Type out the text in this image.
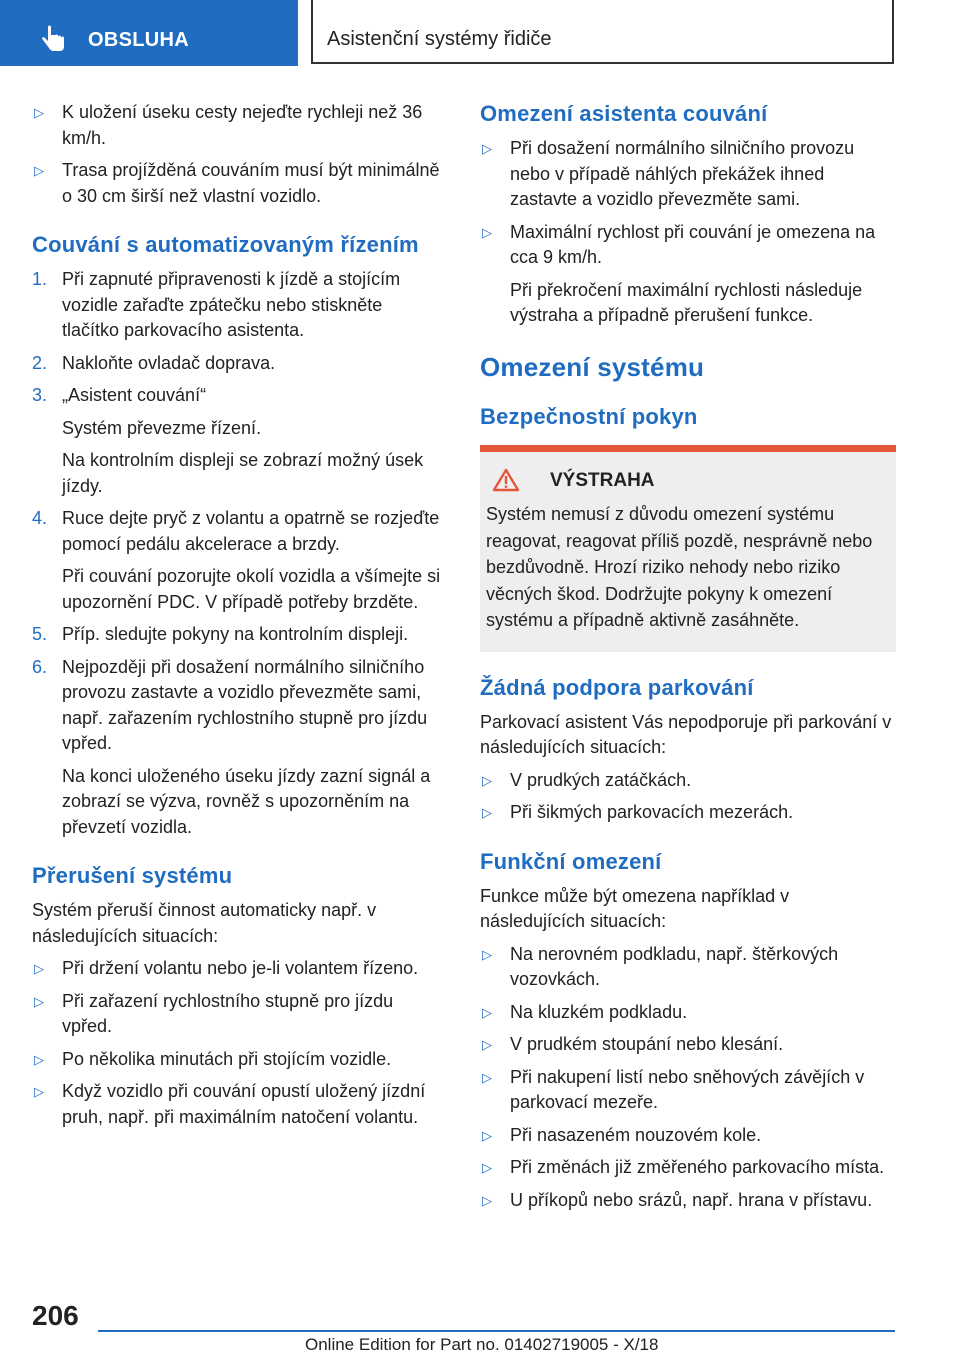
OBSLUHA	Asistenční systémy řidiče
▷ K uložení úseku cesty nejeďte rychleji než 36 km/h.
▷ Trasa projížděná couváním musí být minimálně o 30 cm širší než vlastní vozidlo.
Couvání s automatizovaným řízením
1. Při zapnuté připravenosti k jízdě a stojícím vozidle zařaďte zpátečku nebo stiskněte tlačítko parkovacího asistenta.
2. Nakloňte ovladač doprava.
3. „Asistent couvání“
Systém převezme řízení.
Na kontrolním displeji se zobrazí možný úsek jízdy.
4. Ruce dejte pryč z volantu a opatrně se rozjeďte pomocí pedálu akcelerace a brzdy.
Při couvání pozorujte okolí vozidla a všímejte si upozornění PDC. V případě potřeby brzděte.
5. Příp. sledujte pokyny na kontrolním displeji.
6. Nejpozději při dosažení normálního silničního provozu zastavte a vozidlo převezměte sami, např. zařazením rychlostního stupně pro jízdu vpřed.
Na konci uloženého úseku jízdy zazní signál a zobrazí se výzva, rovněž s upozorněním na převzetí vozidla.
Přerušení systému
Systém přeruší činnost automaticky např. v následujících situacích:
▷ Při držení volantu nebo je-li volantem řízeno.
▷ Při zařazení rychlostního stupně pro jízdu vpřed.
▷ Po několika minutách při stojícím vozidle.
▷ Když vozidlo při couvání opustí uložený jízdní pruh, např. při maximálním natočení volantu.
Omezení asistenta couvání
▷ Při dosažení normálního silničního provozu nebo v případě náhlých překážek ihned zastavte a vozidlo převezměte sami.
▷ Maximální rychlost při couvání je omezena na cca 9 km/h.
Při překročení maximální rychlosti následuje výstraha a případně přerušení funkce.
Omezení systému
Bezpečnostní pokyn
VÝSTRAHA
Systém nemusí z důvodu omezení systému reagovat, reagovat příliš pozdě, nesprávně nebo bezdůvodně. Hrozí riziko nehody nebo riziko věcných škod. Dodržujte pokyny k omezení systému a případně aktivně zasáhněte.
Žádná podpora parkování
Parkovací asistent Vás nepodporuje při parkování v následujících situacích:
▷ V prudkých zatáčkách.
▷ Při šikmých parkovacích mezerách.
Funkční omezení
Funkce může být omezena například v následujících situacích:
▷ Na nerovném podkladu, např. štěrkových vozovkách.
▷ Na kluzkém podkladu.
▷ V prudkém stoupání nebo klesání.
▷ Při nakupení listí nebo sněhových závějích v parkovací mezeře.
▷ Při nasazeném nouzovém kole.
▷ Při změnách již změřeného parkovacího místa.
▷ U příkopů nebo srázů, např. hrana v přístavu.
206
Online Edition for Part no. 01402719005 - X/18
